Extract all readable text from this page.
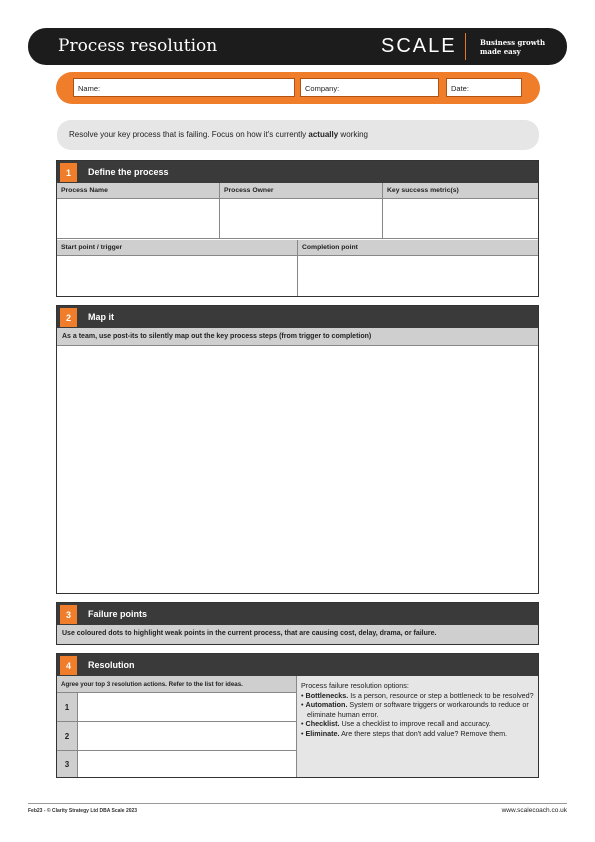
Process resolution	SCALE	Business growth
made easy
Name:	Company:	Date:
Resolve your key process that is failing. Focus on how it's currently actually working
1	Define the process
Process Name	Process Owner	Key success metric(s)
Start point / trigger	Completion point
2	Map it
As a team, use post-its to silently map out the key process steps (from trigger to completion)
3	Failure points
Use coloured dots to highlight weak points in the current process, that are causing cost, delay, drama, or failure.
4	Resolution
Agree your top 3 resolution actions. Refer to the list for ideas.
1
2
3
Process failure resolution options:
• Bottlenecks. Is a person, resource or step a bottleneck to be resolved?
• Automation. System or software triggers or workarounds to reduce or eliminate human error.
• Checklist. Use a checklist to improve recall and accuracy.
• Eliminate. Are there steps that don't add value? Remove them.
Feb23 - © Clarity Strategy Ltd DBA Scale 2023	www.scalecoach.co.uk
